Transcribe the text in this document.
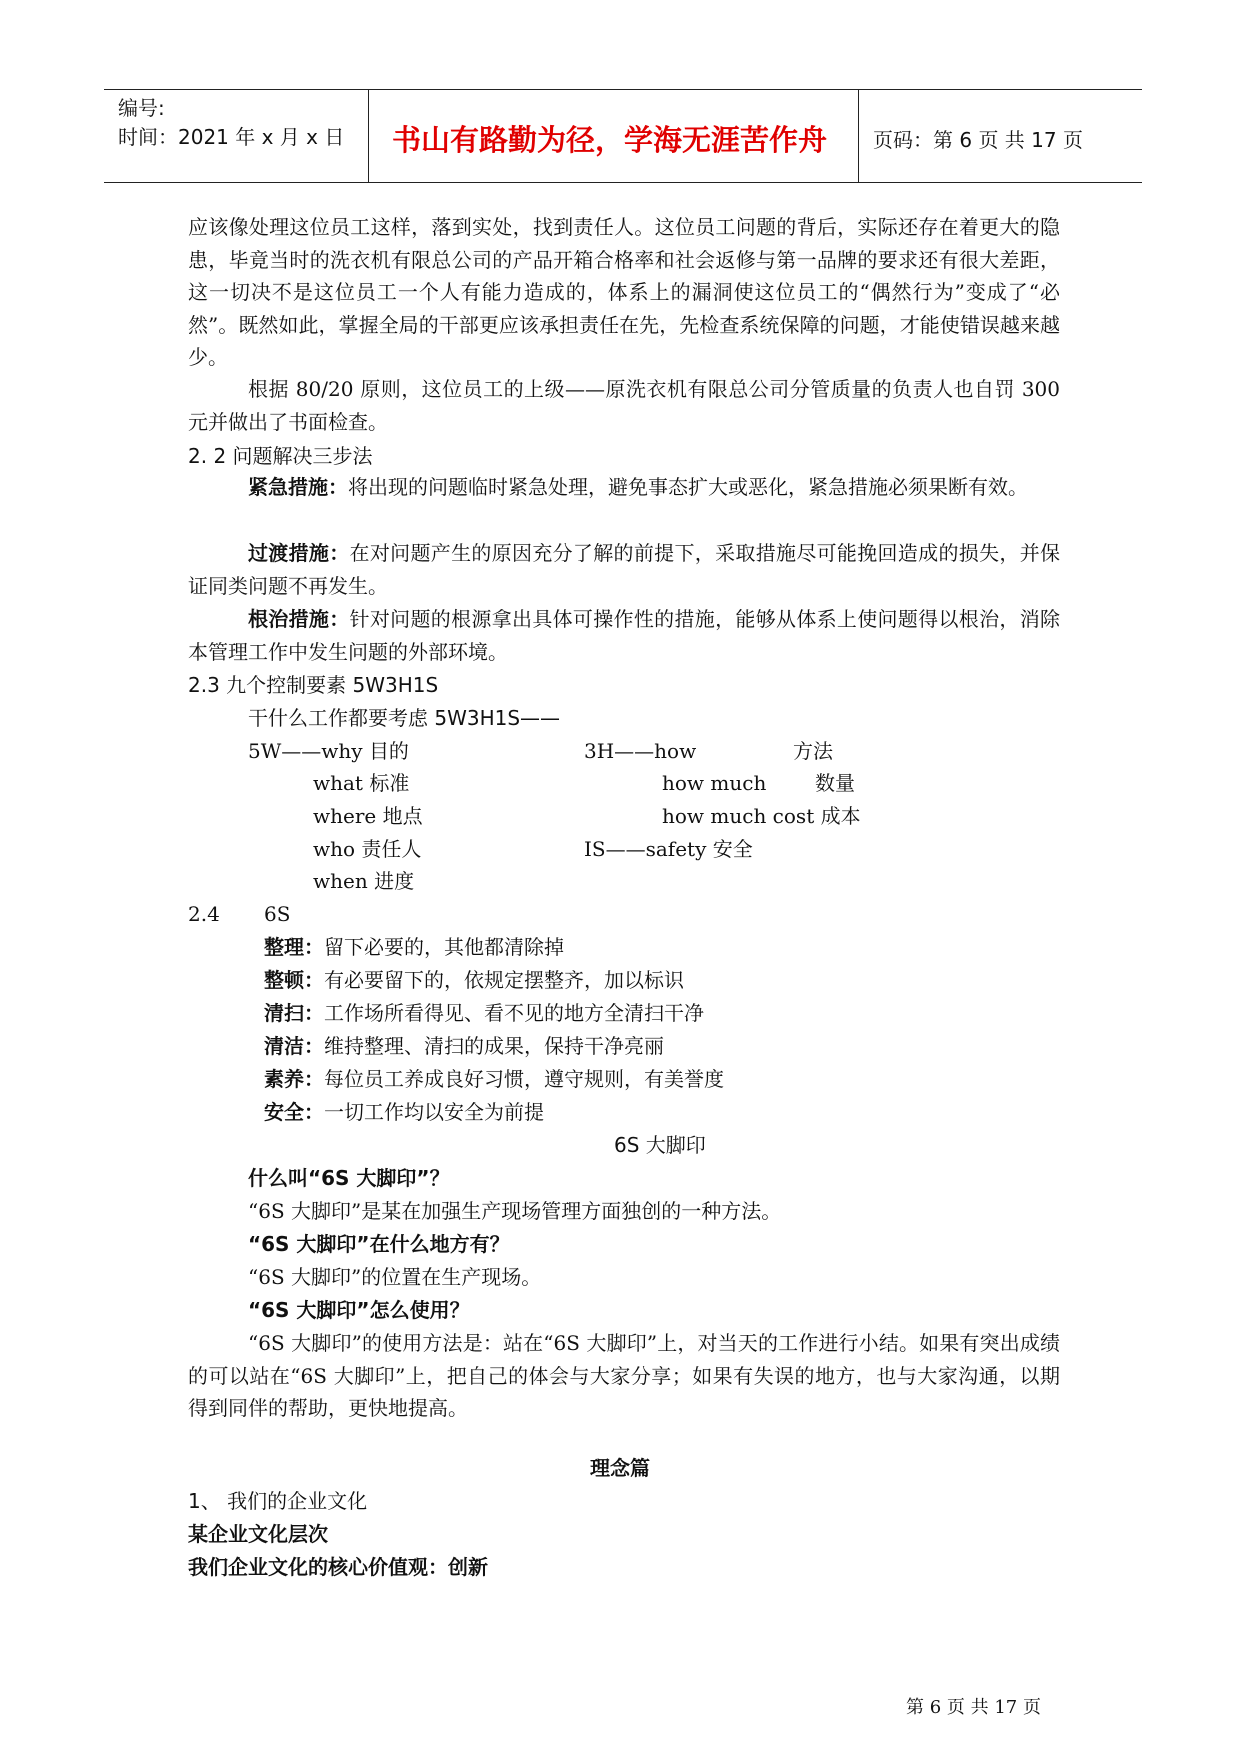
编号:
时间：2021 年 x 月 x 日 书山有路勤为径，学海无涯苦作舟 页码：第 6 页 共 17 页
应该像处理这位员工这样，落到实处，找到责任人。这位员工问题的背后，实际还存在着更大的隐患，毕竟当时的洗衣机有限总公司的产品开箱合格率和社会返修与第一品牌的要求还有很大差距，这一切决不是这位员工一个人有能力造成的，体系上的漏洞使这位员工的“偶然行为”变成了“必然”。既然如此，掌握全局的干部更应该承担责任在先，先检查系统保障的问题，才能使错误越来越少。
根据 80/20 原则，这位员工的上级——原洗衣机有限总公司分管质量的负责人也自罚 300 元并做出了书面检查。
2. 2 问题解决三步法
紧急措施：将出现的问题临时紧急处理，避免事态扩大或恶化，紧急措施必须果断有效。
过渡措施：在对问题产生的原因充分了解的前提下，采取措施尽可能挽回造成的损失，并保证同类问题不再发生。
根治措施：针对问题的根源拿出具体可操作性的措施，能够从体系上使问题得以根治，消除本管理工作中发生问题的外部环境。
2.3 九个控制要素 5W3H1S
干什么工作都要考虑 5W3H1S——
5W——why 目的	3H——how	方法
what 标准	how much 数量
where 地点	how much cost 成本
who 责任人	IS——safety 安全
when 进度
2.4 6S
整理：留下必要的，其他都清除掉
整顿：有必要留下的，依规定摆整齐，加以标识
清扫：工作场所看得见、看不见的地方全清扫干净
清洁：维持整理、清扫的成果，保持干净亮丽
素养：每位员工养成良好习惯，遵守规则，有美誉度
安全：一切工作均以安全为前提
6S 大脚印
什么叫“6S 大脚印”？
“6S 大脚印”是某在加强生产现场管理方面独创的一种方法。
“6S 大脚印”在什么地方有？
“6S 大脚印”的位置在生产现场。
“6S 大脚印”怎么使用？
“6S 大脚印”的使用方法是：站在“6S 大脚印”上，对当天的工作进行小结。如果有突出成绩的可以站在“6S 大脚印”上，把自己的体会与大家分享；如果有失误的地方，也与大家沟通，以期得到同伴的帮助，更快地提高。
理念篇
1、 我们的企业文化
某企业文化层次
我们企业文化的核心价值观：创新
第 6 页 共 17 页
